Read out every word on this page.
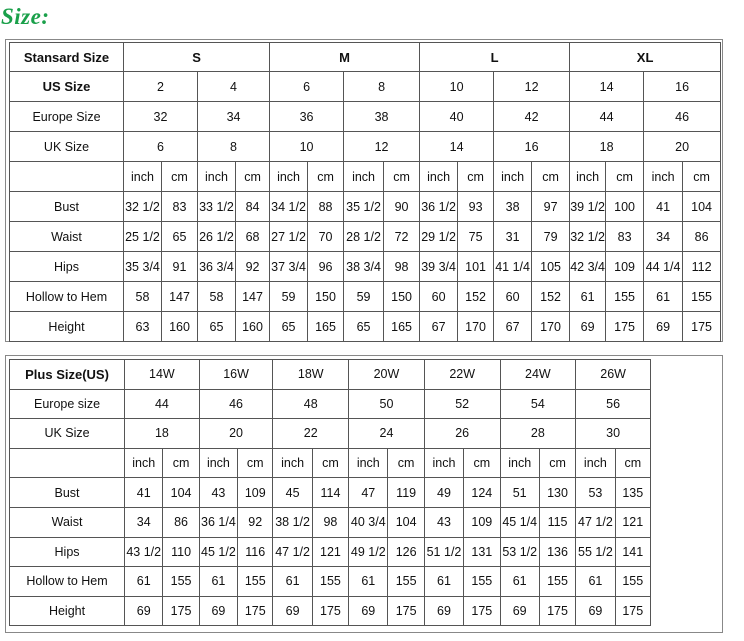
Size:
Stansard Size	S				M				L				XL			
US Size	2		4		6		8		10		12		14		16	
Europe Size	32		34		36		38		40		42		44		46	
UK Size	6		8		10		12		14		16		18		20	
	inch	cm	inch	cm	inch	cm	inch	cm	inch	cm	inch	cm	inch	cm	inch	cm
Bust	32 1/2	83	33 1/2	84	34 1/2	88	35 1/2	90	36 1/2	93	38	97	39 1/2	100	41	104
Waist	25 1/2	65	26 1/2	68	27 1/2	70	28 1/2	72	29 1/2	75	31	79	32 1/2	83	34	86
Hips	35 3/4	91	36 3/4	92	37 3/4	96	38 3/4	98	39 3/4	101	41 1/4	105	42 3/4	109	44 1/4	112
Hollow to Hem	58	147	58	147	59	150	59	150	60	152	60	152	61	155	61	155
Height	63	160	65	160	65	165	65	165	67	170	67	170	69	175	69	175
Plus Size(US)	14W		16W		18W		20W		22W		24W		26W	
Europe size	44		46		48		50		52		54		56	
UK Size	18		20		22		24		26		28		30	
	inch	cm	inch	cm	inch	cm	inch	cm	inch	cm	inch	cm	inch	cm
Bust	41	104	43	109	45	114	47	119	49	124	51	130	53	135
Waist	34	86	36 1/4	92	38 1/2	98	40 3/4	104	43	109	45 1/4	115	47 1/2	121
Hips	43 1/2	110	45 1/2	116	47 1/2	121	49 1/2	126	51 1/2	131	53 1/2	136	55 1/2	141
Hollow to Hem	61	155	61	155	61	155	61	155	61	155	61	155	61	155
Height	69	175	69	175	69	175	69	175	69	175	69	175	69	175
